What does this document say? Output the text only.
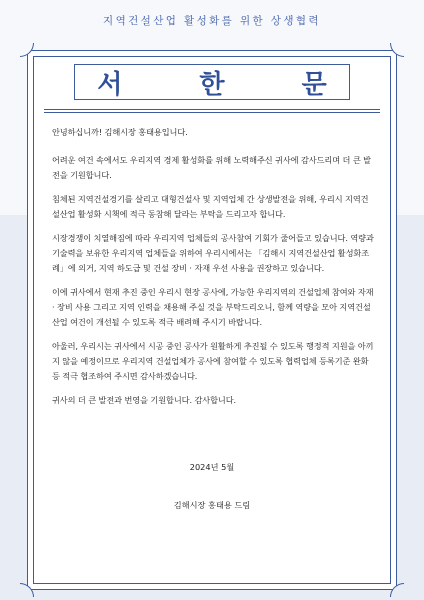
지역건설산업 활성화를 위한 상생협력
서 한 문

안녕하십니까! 김해시장 홍태용입니다.

어려운 여건 속에서도 우리지역 경제 활성화를 위해 노력해주신 귀사에 감사드리며 더 큰 발전을 기원합니다.

침체된 지역건설경기를 살리고 대형건설사 및 지역업체 간 상생발전을 위해, 우리시 지역건설산업 활성화 시책에 적극 동참해 달라는 부탁을 드리고자 합니다.

시장경쟁이 치열해짐에 따라 우리지역 업체들의 공사참여 기회가 줄어들고 있습니다. 역량과 기술력을 보유한 우리지역 업체들을 위하여 우리시에서는 「김해시 지역건설산업 활성화조례」에 의거, 지역 하도급 및 건설 장비 · 자재 우선 사용을 권장하고 있습니다.

이에 귀사에서 현재 추진 중인 우리시 현장 공사에, 가능한 우리지역의 건설업체 참여와 자재 · 장비 사용 그리고 지역 인력을 채용해 주실 것을 부탁드리오니, 함께 역량을 모아 지역건설산업 여건이 개선될 수 있도록 적극 배려해 주시기 바랍니다.

아울러, 우리시는 귀사에서 시공 중인 공사가 원활하게 추진될 수 있도록 행정적 지원을 아끼지 않을 예정이므로 우리지역 건설업체가 공사에 참여할 수 있도록 협력업체 등록기준 완화 등 적극 협조하여 주시면 감사하겠습니다.

귀사의 더 큰 발전과 번영을 기원합니다. 감사합니다.

2024년 5월
김해시장 홍태용 드림
